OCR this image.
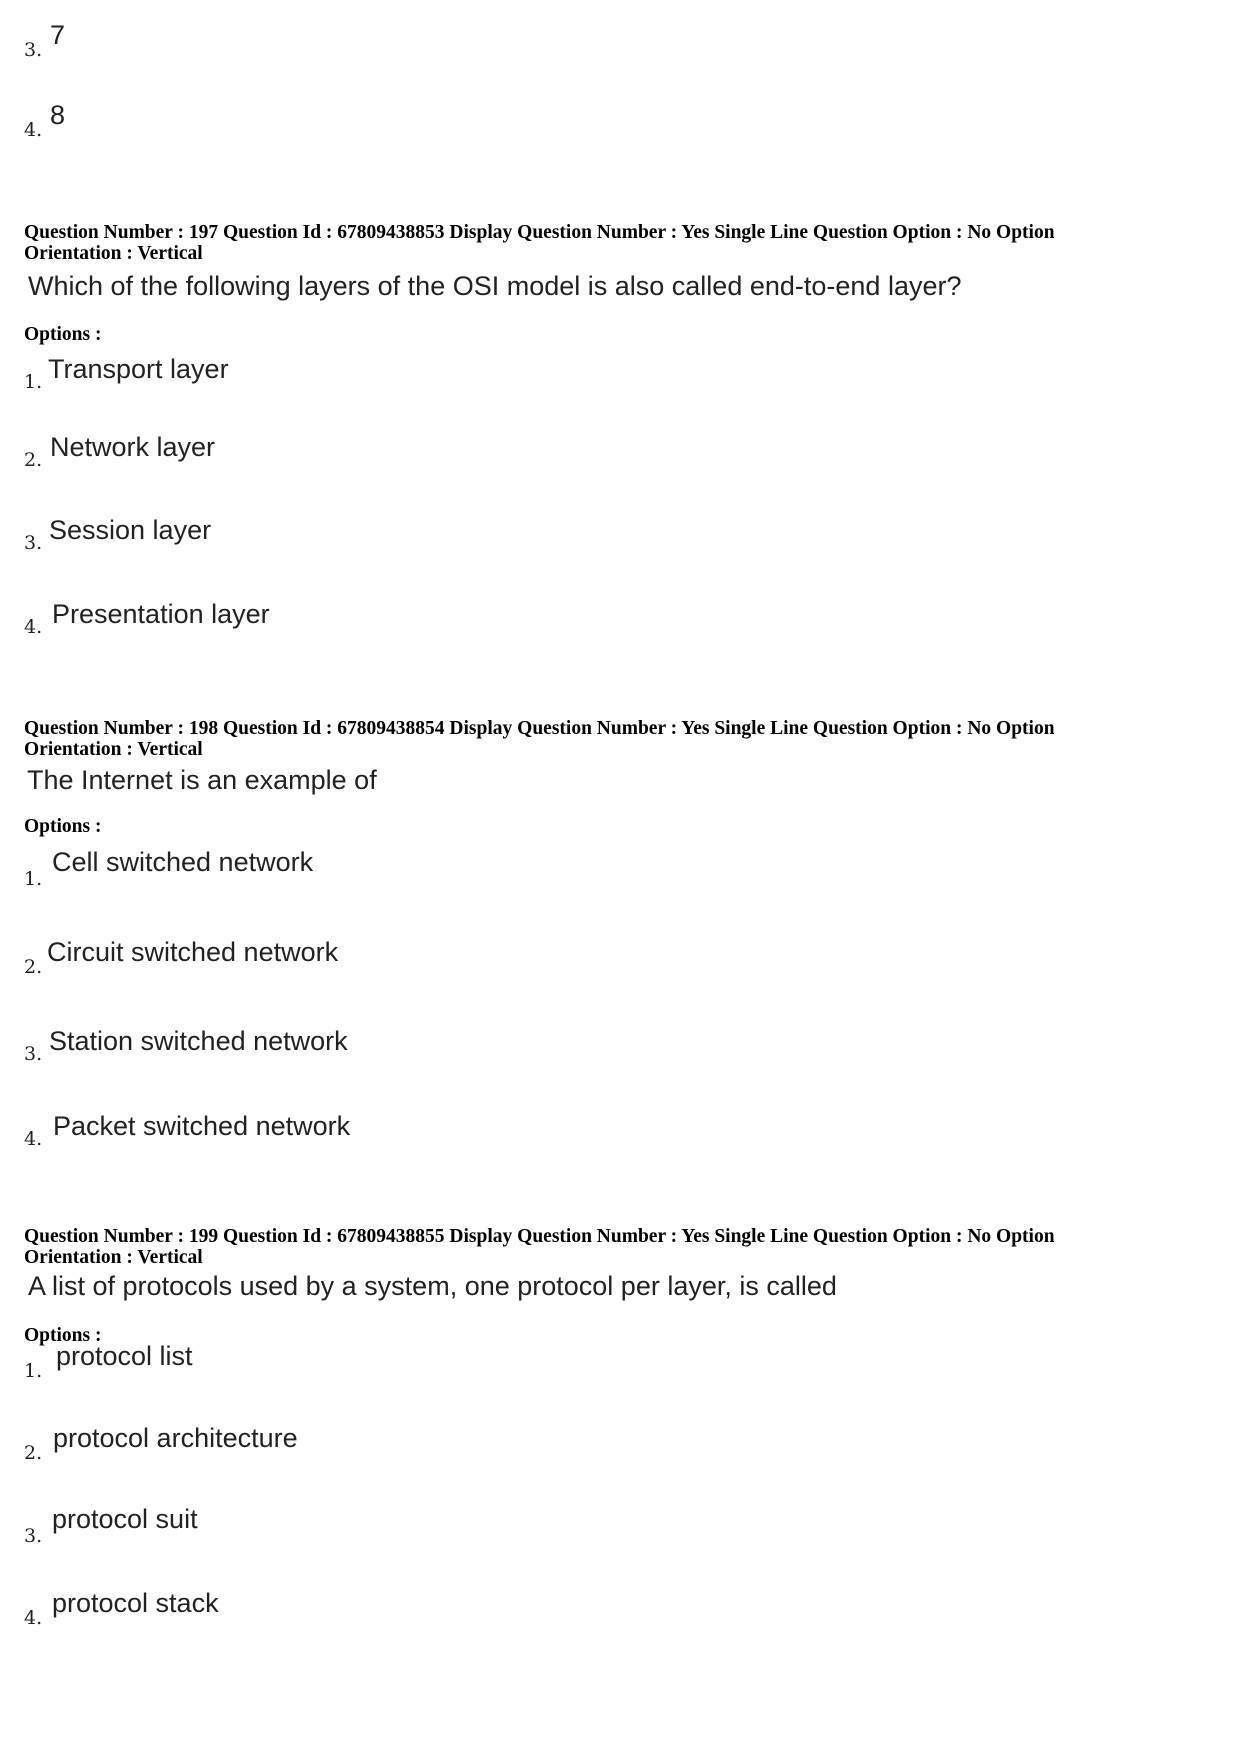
3. 7
4. 8
Question Number : 197 Question Id : 67809438853 Display Question Number : Yes Single Line Question Option : No Option
Orientation : Vertical
Which of the following layers of the OSI model is also called end-to-end layer?
Options :
1. Transport layer
2. Network layer
3. Session layer
4. Presentation layer
Question Number : 198 Question Id : 67809438854 Display Question Number : Yes Single Line Question Option : No Option
Orientation : Vertical
The Internet is an example of
Options :
1.
Cell switched network
2. Circuit switched network
3. Station switched network
4. Packet switched network
Question Number : 199 Question Id : 67809438855 Display Question Number : Yes Single Line Question Option : No Option
Orientation : Vertical
A list of protocols used by a system, one protocol per layer, is called
Options :
1. protocol list
2. protocol architecture
3.
protocol suit
4. protocol stack
